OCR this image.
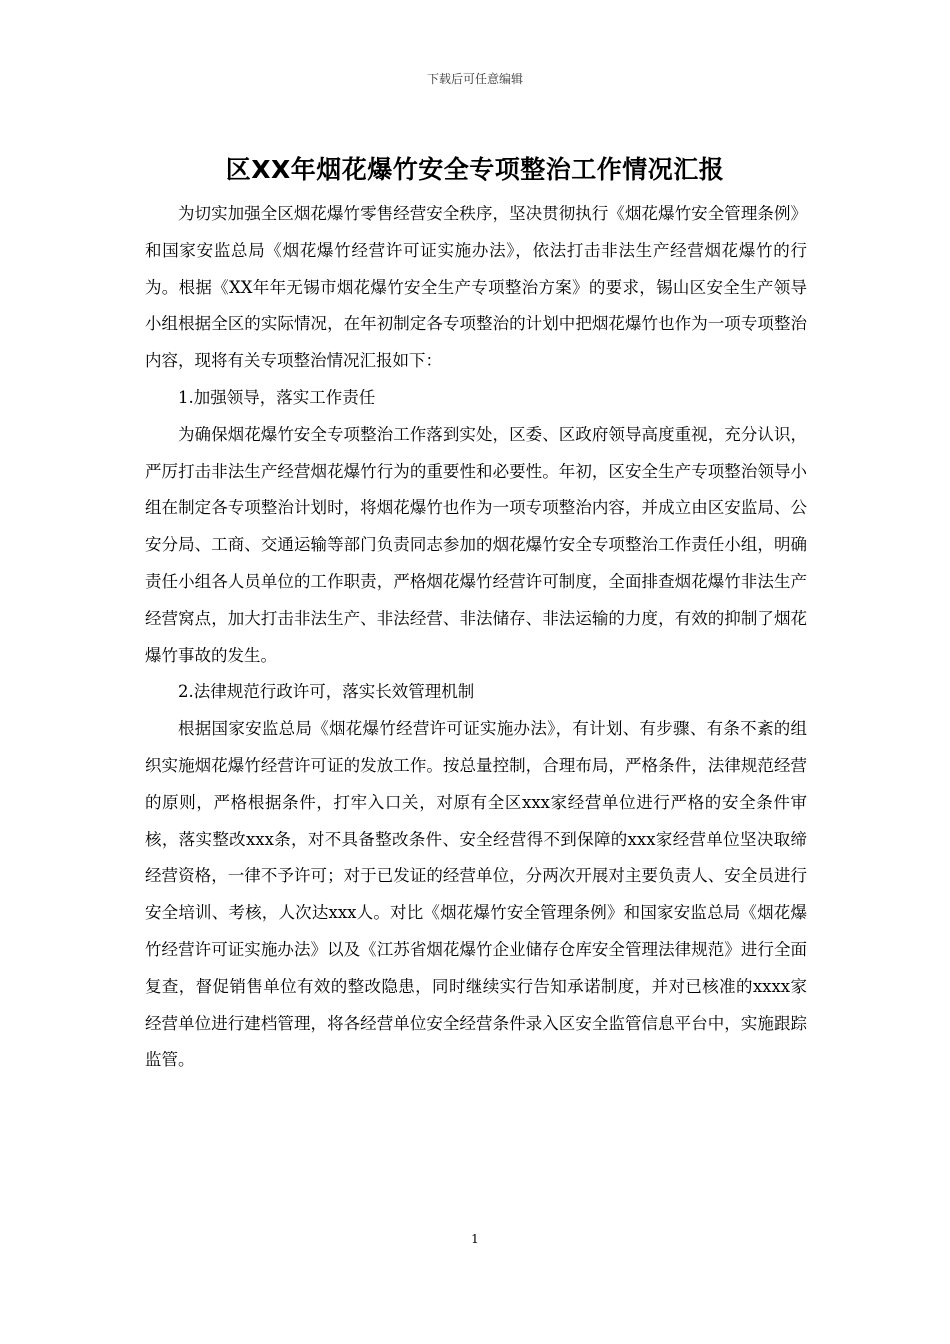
下载后可任意编辑
区XX年烟花爆竹安全专项整治工作情况汇报

为切实加强全区烟花爆竹零售经营安全秩序，坚决贯彻执行《烟花爆竹安全管理条例》和国家安监总局《烟花爆竹经营许可证实施办法》，依法打击非法生产经营烟花爆竹的行为。根据《XX年年无锡市烟花爆竹安全生产专项整治方案》的要求，锡山区安全生产领导小组根据全区的实际情况，在年初制定各专项整治的计划中把烟花爆竹也作为一项专项整治内容，现将有关专项整治情况汇报如下：

1.加强领导，落实工作责任

为确保烟花爆竹安全专项整治工作落到实处，区委、区政府领导高度重视，充分认识，严厉打击非法生产经营烟花爆竹行为的重要性和必要性。年初，区安全生产专项整治领导小组在制定各专项整治计划时，将烟花爆竹也作为一项专项整治内容，并成立由区安监局、公安分局、工商、交通运输等部门负责同志参加的烟花爆竹安全专项整治工作责任小组，明确责任小组各人员单位的工作职责，严格烟花爆竹经营许可制度，全面排查烟花爆竹非法生产经营窝点，加大打击非法生产、非法经营、非法储存、非法运输的力度，有效的抑制了烟花爆竹事故的发生。

2.法律规范行政许可，落实长效管理机制

根据国家安监总局《烟花爆竹经营许可证实施办法》，有计划、有步骤、有条不紊的组织实施烟花爆竹经营许可证的发放工作。按总量控制，合理布局，严格条件，法律规范经营的原则，严格根据条件，打牢入口关，对原有全区xxx家经营单位进行严格的安全条件审核，落实整改xxx条，对不具备整改条件、安全经营得不到保障的xxx家经营单位坚决取缔经营资格，一律不予许可；对于已发证的经营单位，分两次开展对主要负责人、安全员进行安全培训、考核，人次达xxx人。对比《烟花爆竹安全管理条例》和国家安监总局《烟花爆竹经营许可证实施办法》以及《江苏省烟花爆竹企业储存仓库安全管理法律规范》进行全面复查，督促销售单位有效的整改隐患，同时继续实行告知承诺制度，并对已核准的xxxx家经营单位进行建档管理，将各经营单位安全经营条件录入区安全监管信息平台中，实施跟踪监管。

1
